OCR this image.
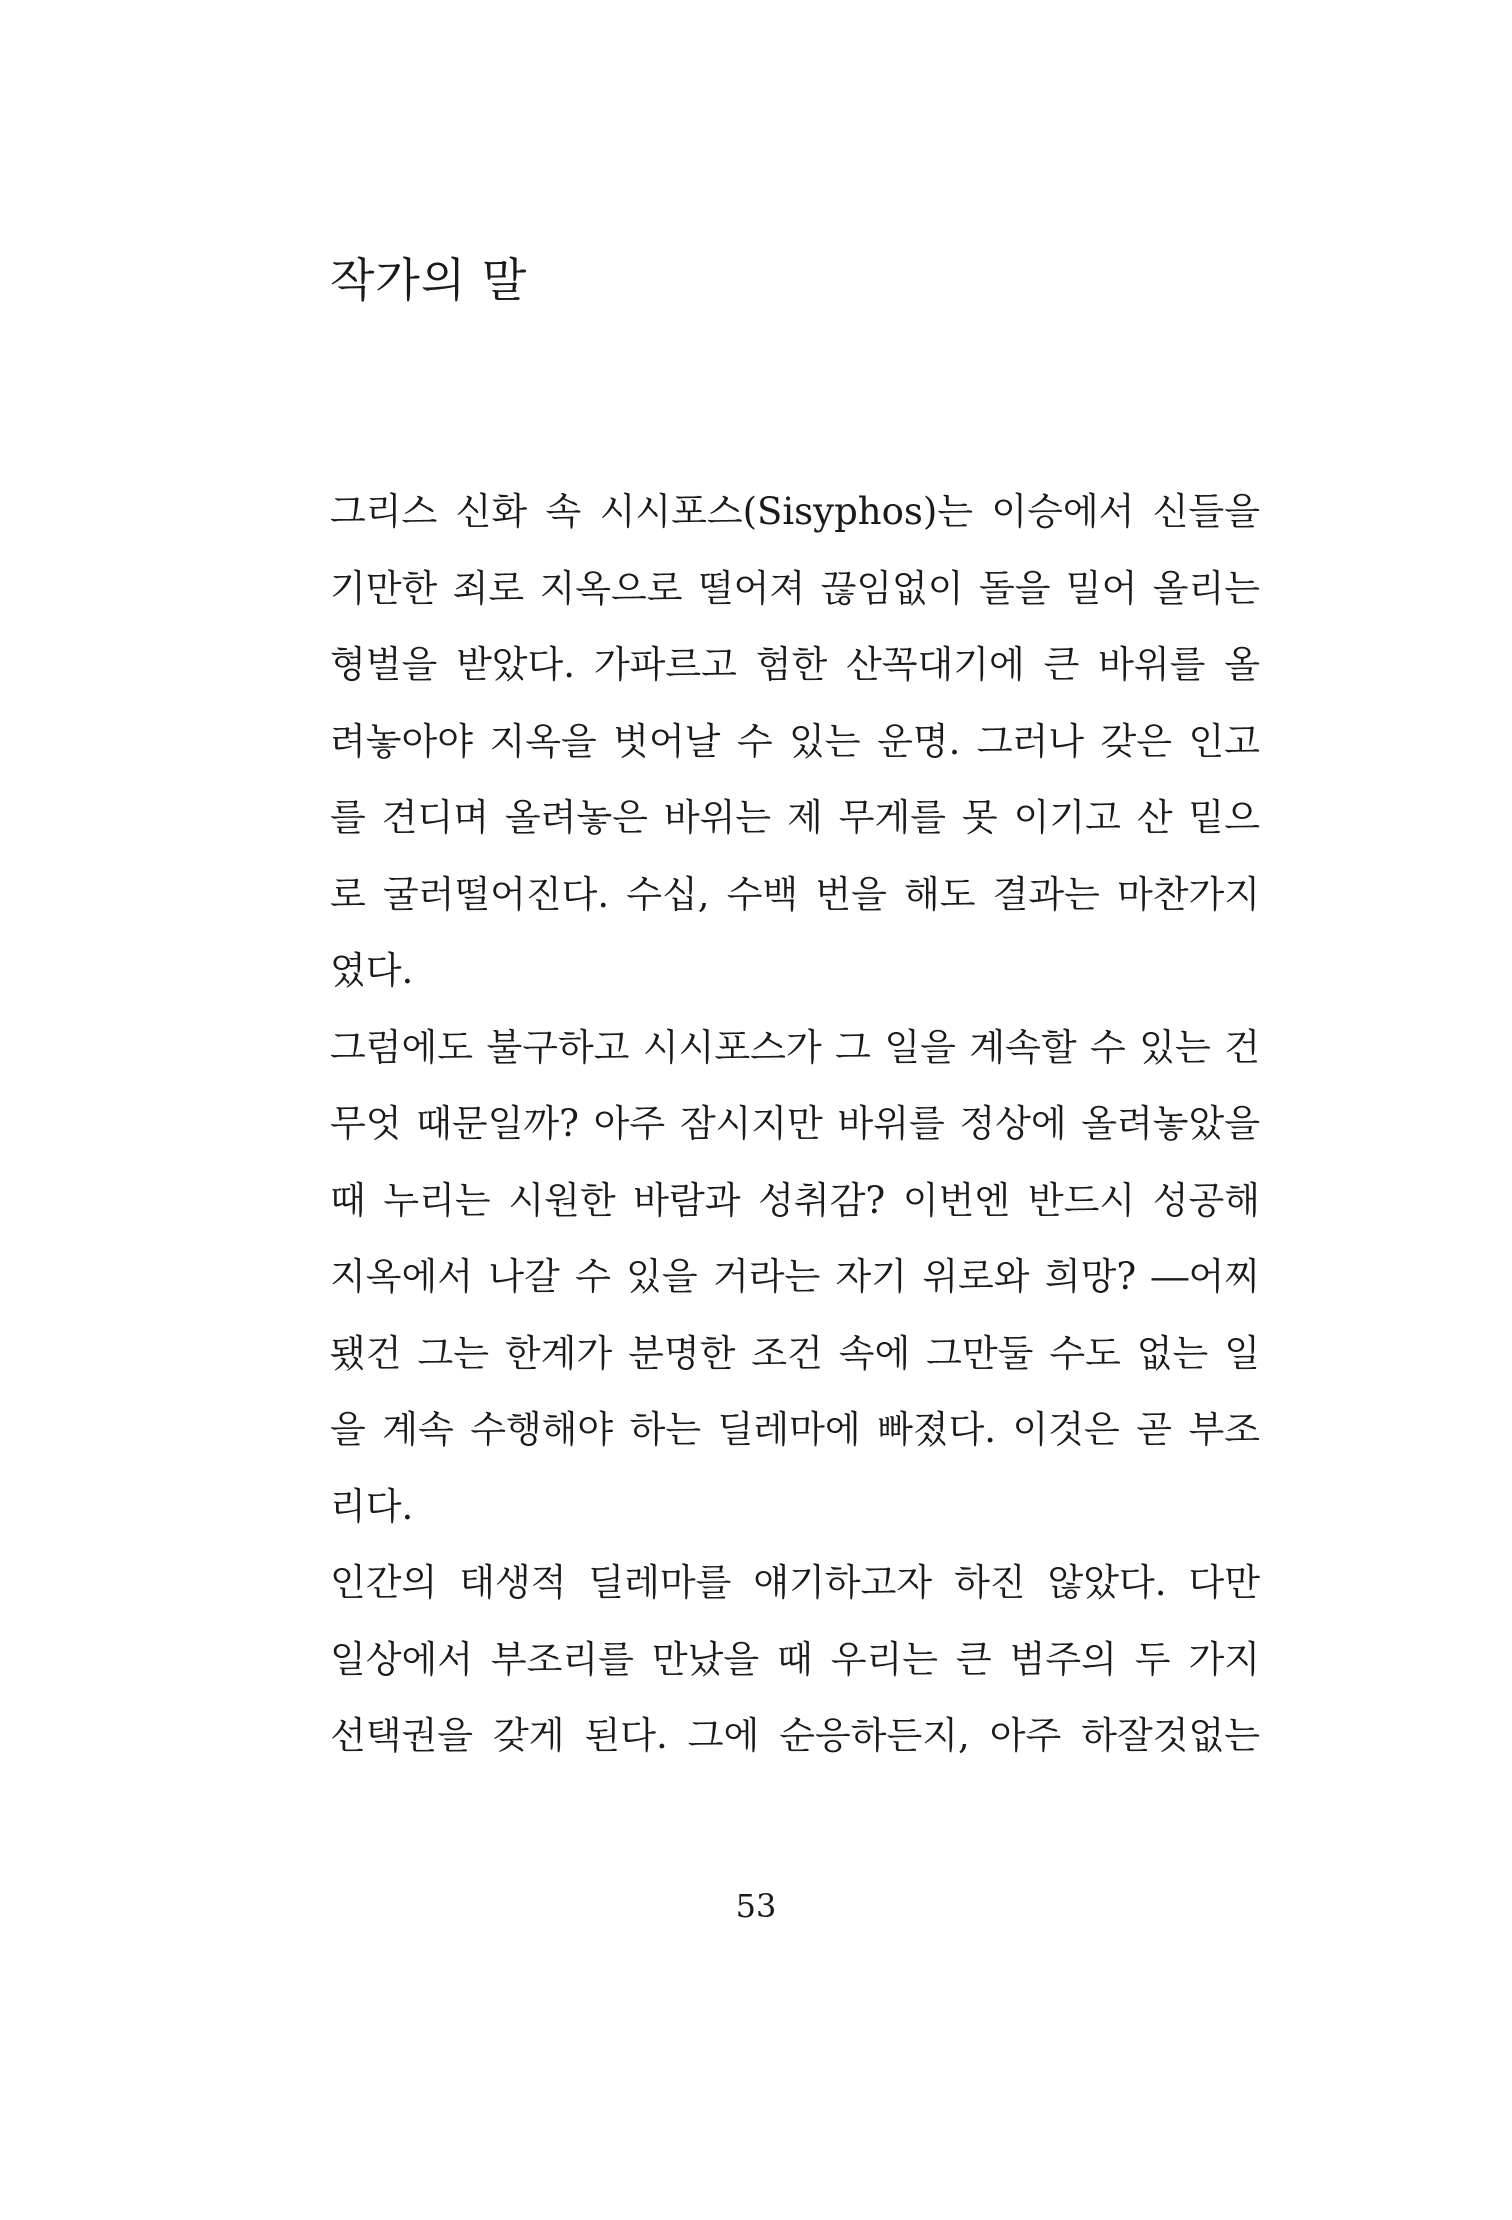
작가의 말
그리스 신화 속 시시포스(Sisyphos)는 이승에서 신들을
기만한 죄로 지옥으로 떨어져 끊임없이 돌을 밀어 올리는
형벌을 받았다. 가파르고 험한 산꼭대기에 큰 바위를 올
려놓아야 지옥을 벗어날 수 있는 운명. 그러나 갖은 인고
를 견디며 올려놓은 바위는 제 무게를 못 이기고 산 밑으
로 굴러떨어진다. 수십, 수백 번을 해도 결과는 마찬가지
였다.
그럼에도 불구하고 시시포스가 그 일을 계속할 수 있는 건
무엇 때문일까? 아주 잠시지만 바위를 정상에 올려놓았을
때 누리는 시원한 바람과 성취감? 이번엔 반드시 성공해
지옥에서 나갈 수 있을 거라는 자기 위로와 희망? ―어찌
됐건 그는 한계가 분명한 조건 속에 그만둘 수도 없는 일
을 계속 수행해야 하는 딜레마에 빠졌다. 이것은 곧 부조
리다.
인간의 태생적 딜레마를 얘기하고자 하진 않았다. 다만
일상에서 부조리를 만났을 때 우리는 큰 범주의 두 가지
선택권을 갖게 된다. 그에 순응하든지, 아주 하잘것없는
53
